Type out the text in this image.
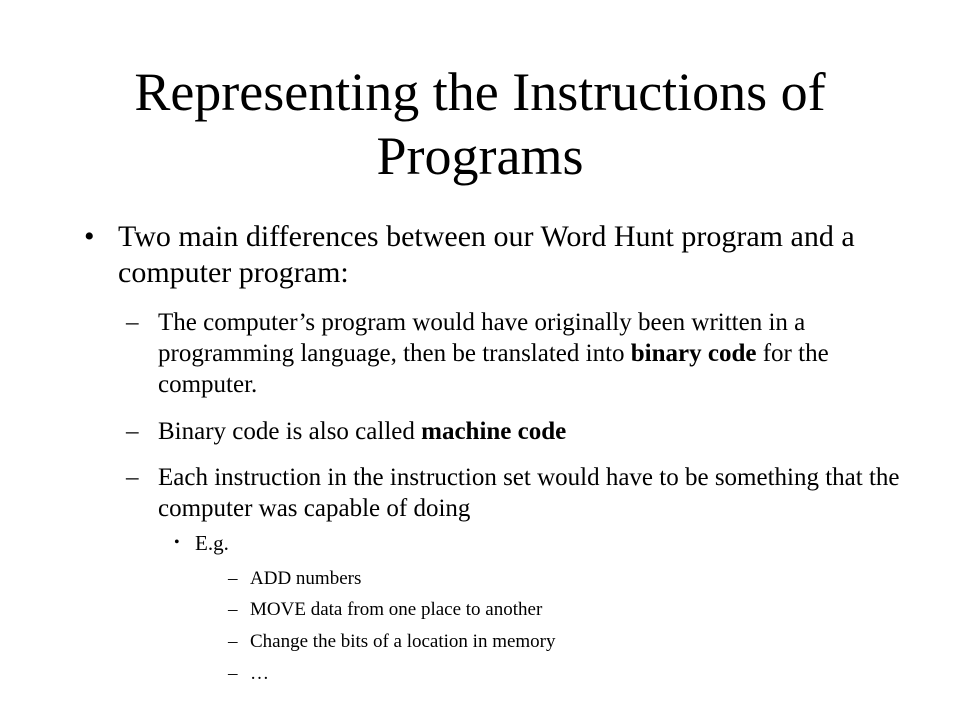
Representing the Instructions of Programs
• Two main differences between our Word Hunt program and a computer program:
– The computer’s program would have originally been written in a programming language, then be translated into binary code for the computer.
– Binary code is also called machine code
– Each instruction in the instruction set would have to be something that the computer was capable of doing
• E.g.
– ADD numbers
– MOVE data from one place to another
– Change the bits of a location in memory
– …
